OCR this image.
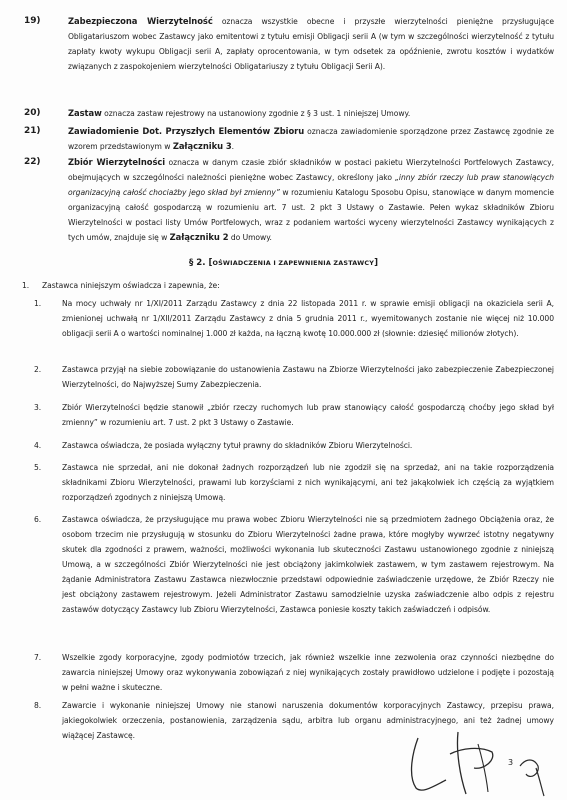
19)	Zabezpieczona Wierzytelność oznacza wszystkie obecne i przyszłe wierzytelności pieniężne przysługujące Obligatariuszom wobec Zastawcy jako emitentowi z tytułu emisji Obligacji serii A (w tym w szczególności wierzytelność z tytułu zapłaty kwoty wykupu Obligacji serii A, zapłaty oprocentowania, w tym odsetek za opóźnienie, zwrotu kosztów i wydatków związanych z zaspokojeniem wierzytelności Obligatariuszy z tytułu Obligacji Serii A).
20)	Zastaw oznacza zastaw rejestrowy na ustanowiony zgodnie z § 3 ust. 1 niniejszej Umowy.
21)	Zawiadomienie Dot. Przyszłych Elementów Zbioru oznacza zawiadomienie sporządzone przez Zastawcę zgodnie ze wzorem przedstawionym w Załączniku 3.
22)	Zbiór Wierzytelności oznacza w danym czasie zbiór składników w postaci pakietu Wierzytelności Portfelowych Zastawcy, obejmujących w szczególności należności pieniężne wobec Zastawcy, określony jako „inny zbiór rzeczy lub praw stanowiących organizacyjną całość chociażby jego skład był zmienny” w rozumieniu Katalogu Sposobu Opisu, stanowiące w danym momencie organizacyjną całość gospodarczą w rozumieniu art. 7 ust. 2 pkt 3 Ustawy o Zastawie. Pełen wykaz składników Zbioru Wierzytelności w postaci listy Umów Portfelowych, wraz z podaniem wartości wyceny wierzytelności Zastawcy wynikających z tych umów, znajduje się w Załączniku 2 do Umowy.
§ 2. [OŚWIADCZENIA I ZAPEWNIENIA ZASTAWCY]
1. Zastawca niniejszym oświadcza i zapewnia, że:
1.	Na mocy uchwały nr 1/XI/2011 Zarządu Zastawcy z dnia 22 listopada 2011 r. w sprawie emisji obligacji na okaziciela serii A, zmienionej uchwałą nr 1/XII/2011 Zarządu Zastawcy z dnia 5 grudnia 2011 r., wyemitowanych zostanie nie więcej niż 10.000 obligacji serii A o wartości nominalnej 1.000 zł każda, na łączną kwotę 10.000.000 zł (słownie: dziesięć milionów złotych).
2.	Zastawca przyjął na siebie zobowiązanie do ustanowienia Zastawu na Zbiorze Wierzytelności jako zabezpieczenie Zabezpieczonej Wierzytelności, do Najwyższej Sumy Zabezpieczenia.
3.	Zbiór Wierzytelności będzie stanowił „zbiór rzeczy ruchomych lub praw stanowiący całość gospodarczą choćby jego skład był zmienny” w rozumieniu art. 7 ust. 2 pkt 3 Ustawy o Zastawie.
4.	Zastawca oświadcza, że posiada wyłączny tytuł prawny do składników Zbioru Wierzytelności.
5.	Zastawca nie sprzedał, ani nie dokonał żadnych rozporządzeń lub nie zgodził się na sprzedaż, ani na takie rozporządzenia składnikami Zbioru Wierzytelności, prawami lub korzyściami z nich wynikającymi, ani też jakąkolwiek ich częścią za wyjątkiem rozporządzeń zgodnych z niniejszą Umową.
6.	Zastawca oświadcza, że przysługujące mu prawa wobec Zbioru Wierzytelności nie są przedmiotem żadnego Obciążenia oraz, że osobom trzecim nie przysługują w stosunku do Zbioru Wierzytelności żadne prawa, które mogłyby wywrzeć istotny negatywny skutek dla zgodności z prawem, ważności, możliwości wykonania lub skuteczności Zastawu ustanowionego zgodnie z niniejszą Umową, a w szczególności Zbiór Wierzytelności nie jest obciążony jakimkolwiek zastawem, w tym zastawem rejestrowym. Na żądanie Administratora Zastawu Zastawca niezwłocznie przedstawi odpowiednie zaświadczenie urzędowe, że Zbiór Rzeczy nie jest obciążony zastawem rejestrowym. Jeżeli Administrator Zastawu samodzielnie uzyska zaświadczenie albo odpis z rejestru zastawów dotyczący Zastawcy lub Zbioru Wierzytelności, Zastawca poniesie koszty takich zaświadczeń i odpisów.
7.	Wszelkie zgody korporacyjne, zgody podmiotów trzecich, jak również wszelkie inne zezwolenia oraz czynności niezbędne do zawarcia niniejszej Umowy oraz wykonywania zobowiązań z niej wynikających zostały prawidłowo udzielone i podjęte i pozostają w pełni ważne i skuteczne.
8.	Zawarcie i wykonanie niniejszej Umowy nie stanowi naruszenia dokumentów korporacyjnych Zastawcy, przepisu prawa, jakiegokolwiek orzeczenia, postanowienia, zarządzenia sądu, arbitra lub organu administracyjnego, ani też żadnej umowy wiążącej Zastawcę.
3
